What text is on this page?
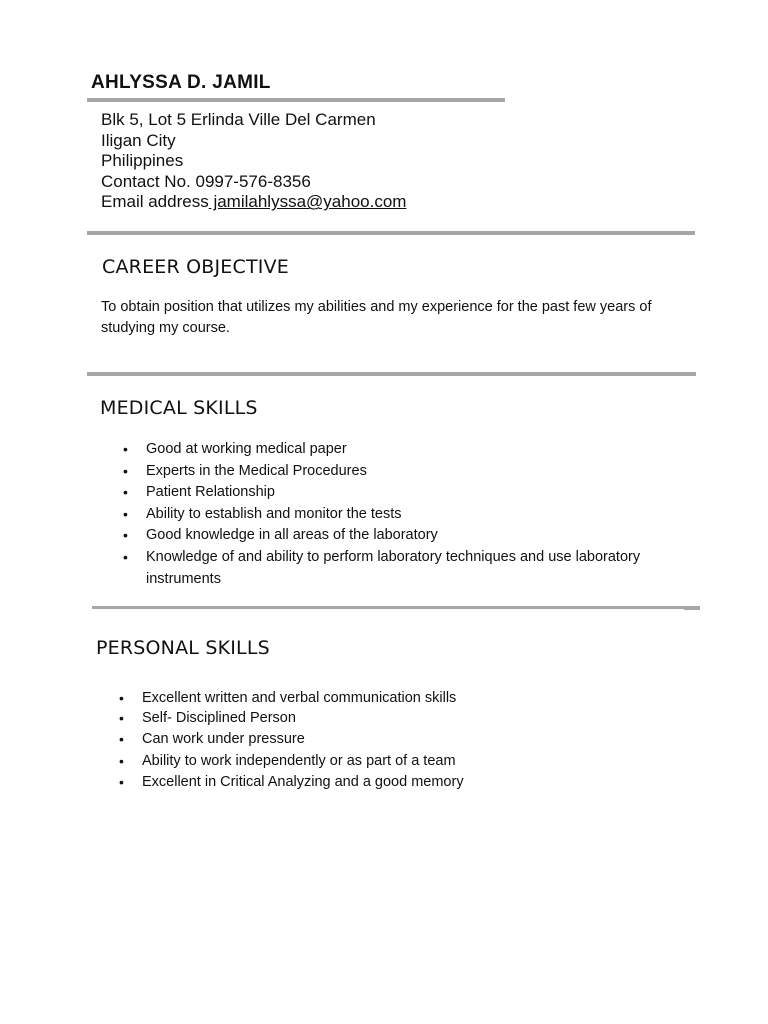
AHLYSSA D. JAMIL
Blk 5, Lot 5 Erlinda Ville Del Carmen
Iligan City
Philippines
Contact No. 0997-576-8356
Email address jamilahlyssa@yahoo.com
CAREER OBJECTIVE
To obtain position that utilizes my abilities and my experience for the past few years of studying my course.
MEDICAL SKILLS
• Good at working medical paper
• Experts in the Medical Procedures
• Patient Relationship
• Ability to establish and monitor the tests
• Good knowledge in all areas of the laboratory
• Knowledge of and ability to perform laboratory techniques and use laboratory instruments
PERSONAL SKILLS
• Excellent written and verbal communication skills
• Self- Disciplined Person
• Can work under pressure
• Ability to work independently or as part of a team
• Excellent in Critical Analyzing and a good memory
